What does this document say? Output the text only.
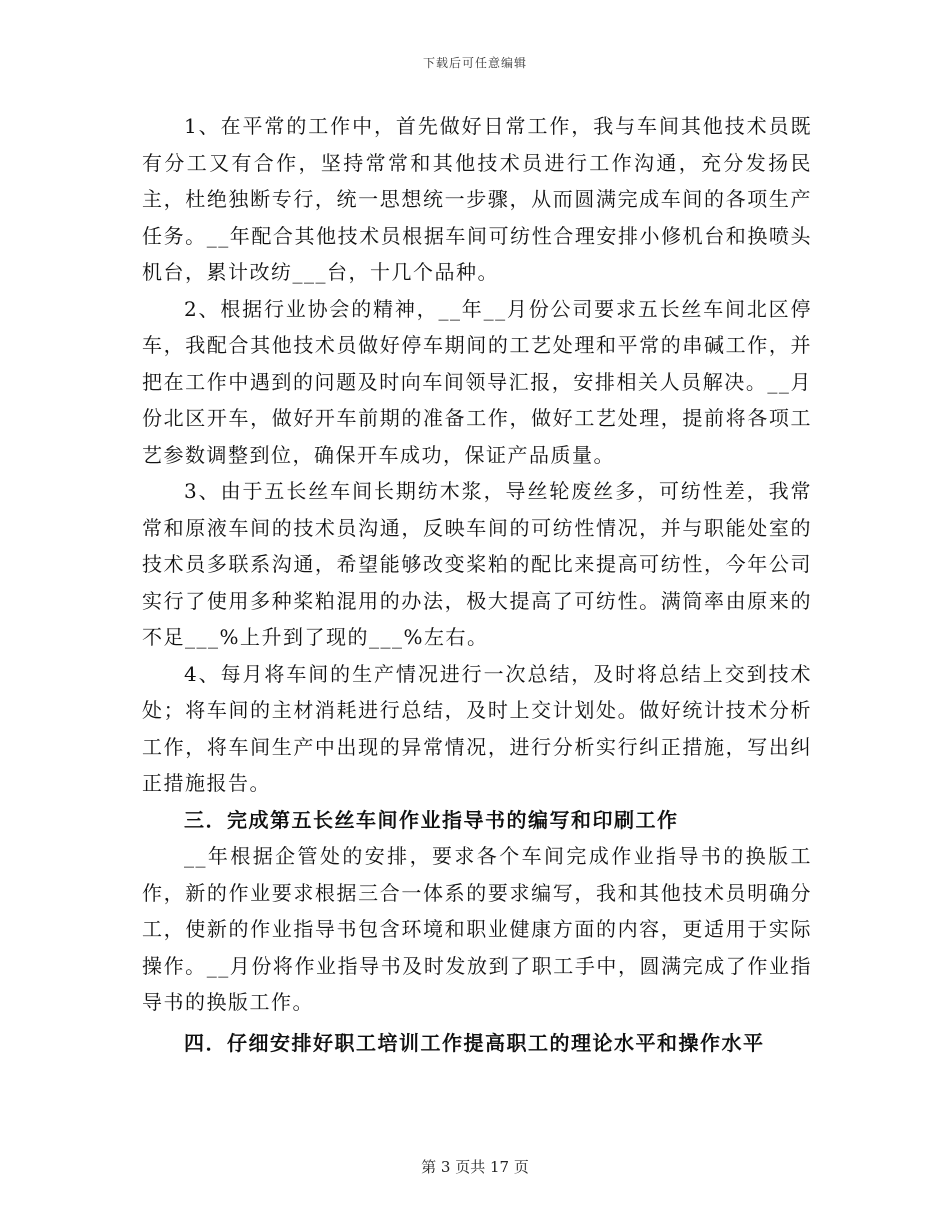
下载后可任意编辑

1、在平常的工作中，首先做好日常工作，我与车间其他技术员既有分工又有合作，坚持常常和其他技术员进行工作沟通，充分发扬民主，杜绝独断专行，统一思想统一步骤，从而圆满完成车间的各项生产任务。__年配合其他技术员根据车间可纺性合理安排小修机台和换喷头机台，累计改纺___台，十几个品种。

2、根据行业协会的精神，__年__月份公司要求五长丝车间北区停车，我配合其他技术员做好停车期间的工艺处理和平常的串碱工作，并把在工作中遇到的问题及时向车间领导汇报，安排相关人员解决。__月份北区开车，做好开车前期的准备工作，做好工艺处理，提前将各项工艺参数调整到位，确保开车成功，保证产品质量。

3、由于五长丝车间长期纺木浆，导丝轮废丝多，可纺性差，我常常和原液车间的技术员沟通，反映车间的可纺性情况，并与职能处室的技术员多联系沟通，希望能够改变桨粕的配比来提高可纺性，今年公司实行了使用多种桨粕混用的办法，极大提高了可纺性。满筒率由原来的不足___%上升到了现的___%左右。

4、每月将车间的生产情况进行一次总结，及时将总结上交到技术处；将车间的主材消耗进行总结，及时上交计划处。做好统计技术分析工作，将车间生产中出现的异常情况，进行分析实行纠正措施，写出纠正措施报告。

三．完成第五长丝车间作业指导书的编写和印刷工作

__年根据企管处的安排，要求各个车间完成作业指导书的换版工作，新的作业要求根据三合一体系的要求编写，我和其他技术员明确分工，使新的作业指导书包含环境和职业健康方面的内容，更适用于实际操作。__月份将作业指导书及时发放到了职工手中，圆满完成了作业指导书的换版工作。

四．仔细安排好职工培训工作提高职工的理论水平和操作水平

第 3 页共 17 页
